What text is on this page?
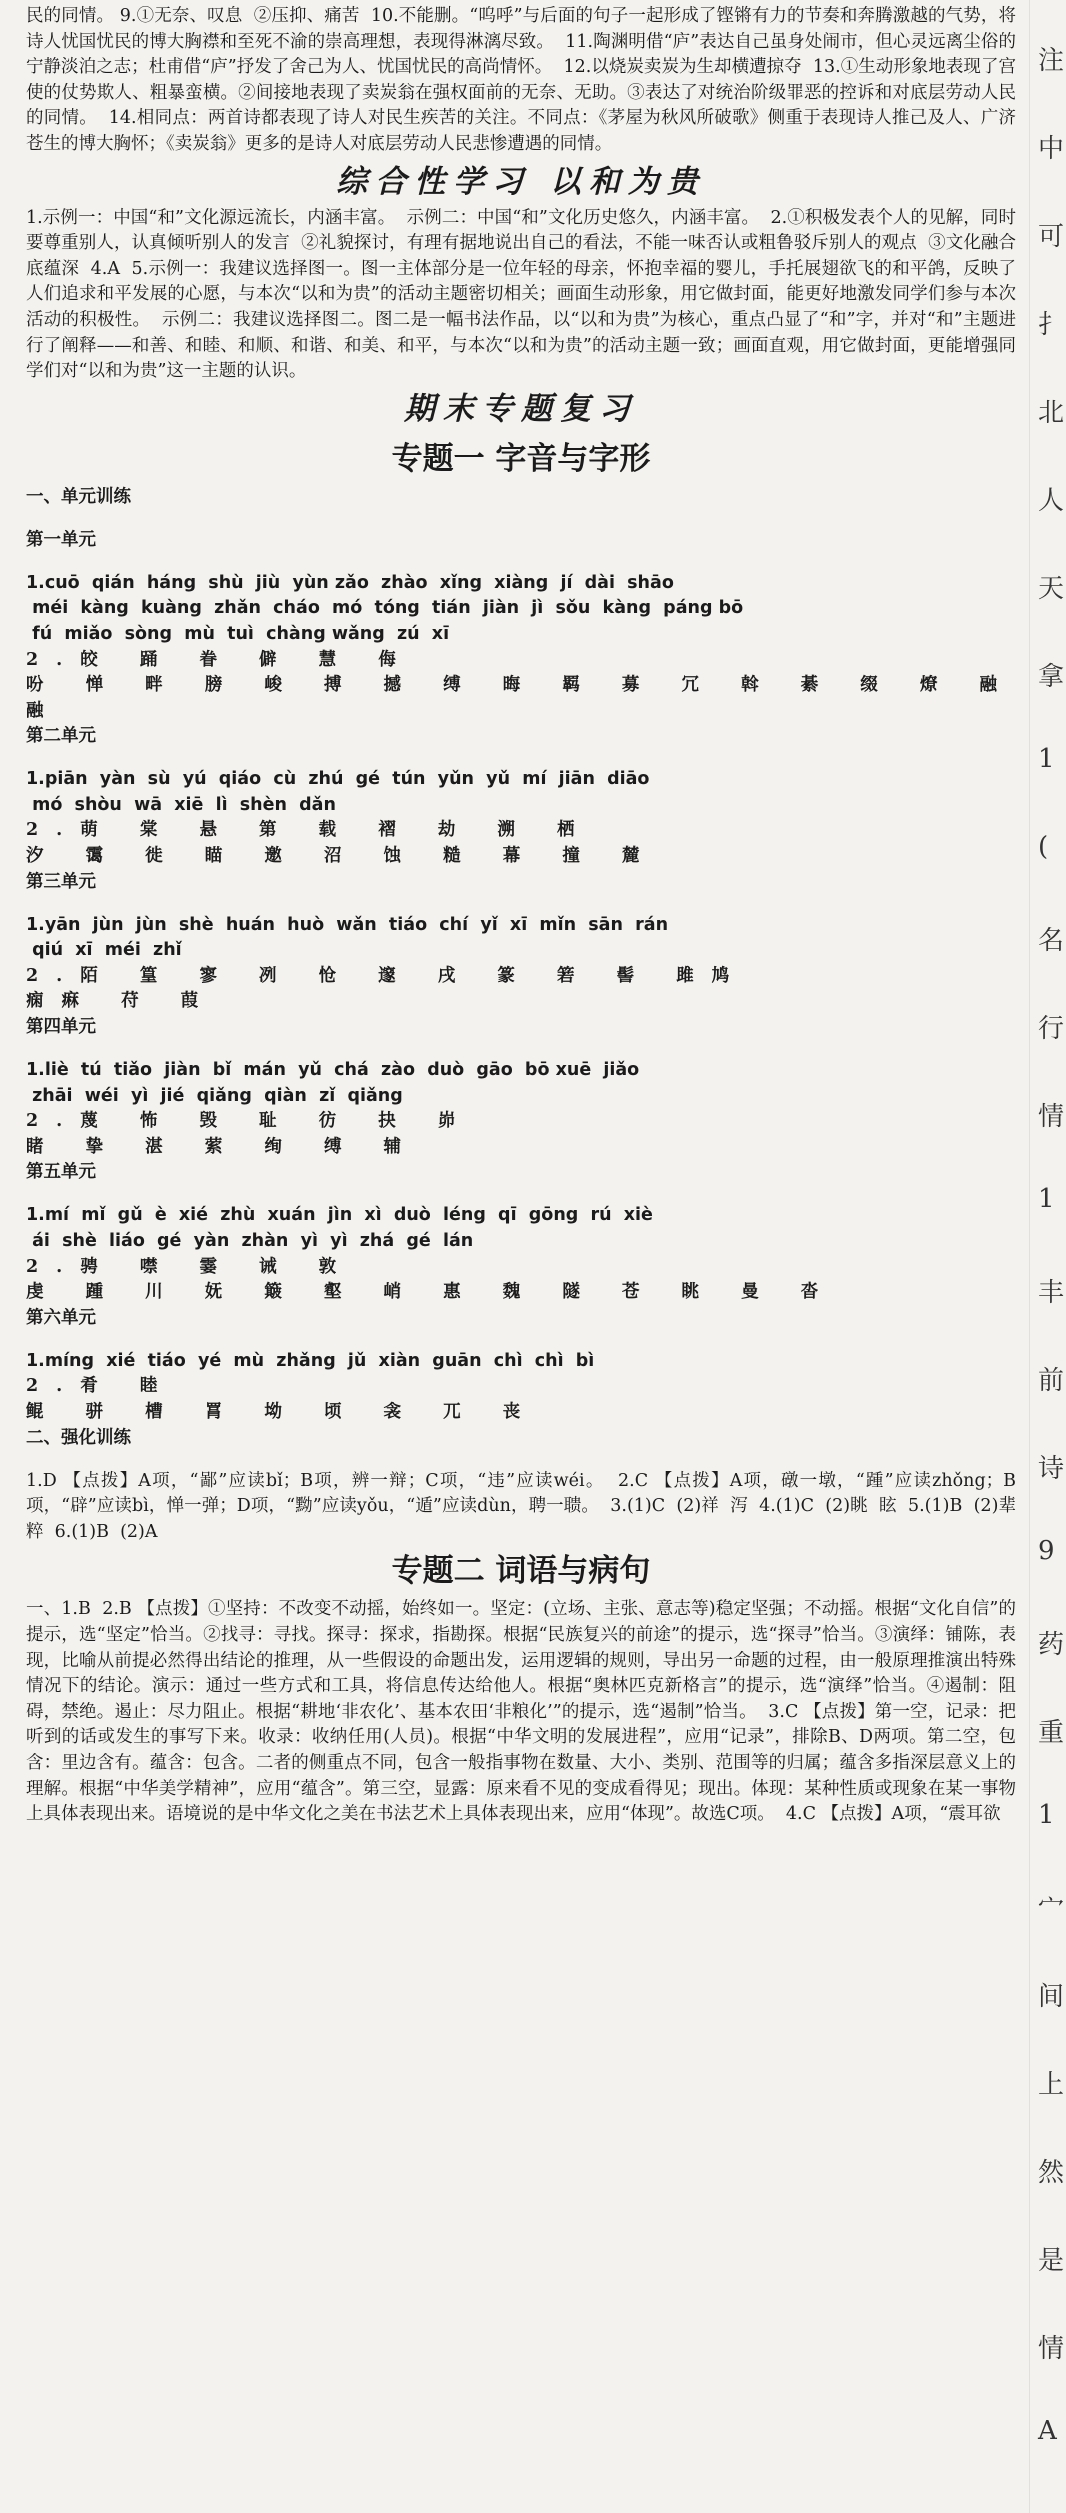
民的同情。 9.①无奈、叹息  ②压抑、痛苦  10.不能删。“呜呼”与后面的句子一起形成了铿锵有力的节奏和奔腾激越的气势，将诗人忧国忧民的博大胸襟和至死不渝的崇高理想，表现得淋漓尽致。  11.陶渊明借“庐”表达自己虽身处闹市，但心灵远离尘俗的宁静淡泊之志；杜甫借“庐”抒发了舍己为人、忧国忧民的高尚情怀。  12.以烧炭卖炭为生却横遭掠夺  13.①生动形象地表现了宫使的仗势欺人、粗暴蛮横。②间接地表现了卖炭翁在强权面前的无奈、无助。③表达了对统治阶级罪恶的控诉和对底层劳动人民的同情。  14.相同点：两首诗都表现了诗人对民生疾苦的关注。不同点：《茅屋为秋风所破歌》侧重于表现诗人推己及人、广济苍生的博大胸怀；《卖炭翁》更多的是诗人对底层劳动人民悲惨遭遇的同情。

综合性学习 以和为贵

1.示例一：中国“和”文化源远流长，内涵丰富。  示例二：中国“和”文化历史悠久，内涵丰富。  2.①积极发表个人的见解，同时要尊重别人，认真倾听别人的发言  ②礼貌探讨，有理有据地说出自己的看法，不能一味否认或粗鲁驳斥别人的观点  ③文化融合  底蕴深  4.A  5.示例一：我建议选择图一。图一主体部分是一位年轻的母亲，怀抱幸福的婴儿，手托展翅欲飞的和平鸽，反映了人们追求和平发展的心愿，与本次“以和为贵”的活动主题密切相关；画面生动形象，用它做封面，能更好地激发同学们参与本次活动的积极性。  示例二：我建议选择图二。图二是一幅书法作品，以“以和为贵”为核心，重点凸显了“和”字，并对“和”主题进行了阐释——和善、和睦、和顺、和谐、和美、和平，与本次“以和为贵”的活动主题一致；画面直观，用它做封面，更能增强同学们对“以和为贵”这一主题的认识。

期末专题复习
专题一 字音与字形
一、单元训练
第一单元

1.cuō  qián  háng  shù  jiù  yùn zǎo  zhào  xǐng  xiàng  jí  dài  shāo
méi  kàng  kuàng  zhǎn  cháo  mó  tóng  tián  jiàn  jì  sǒu  kàng  páng bō
fú  miǎo  sòng  mù  tuì  chàng wǎng  zú  xī

2.皎 踊 眷 僻 慧 侮
吩 惮 畔 膀 峻 搏 撼 缚 晦 羁 募 冗 斡 綦 缀 燎 融融

第二单元

1.piān  yàn  sù  yú  qiáo  cù  zhú  gé  tún  yǔn  yǔ  mí  jiān  diāo
mó  shòu  wā  xiē  lì  shèn  dǎn

2.萌 棠 悬 第 载 褶 劫 溯 栖
汐 霭 徙 瞄 邀 沼 蚀 糙 幕 撞 麓

第三单元

1.yān  jùn  jùn  shè  huán  huò  wǎn  tiáo  chí  yǐ  xī  mǐn  sān  rán
qiú  xī  méi  zhǐ

2.陌 篁 寥 冽 怆 邃 戌 篆 箬 髻 雎鸠
痫痳 苻 葭

第四单元

1.liè  tú  tiǎo  jiàn  bǐ  mán  yǔ  chá  zào  duò  gāo  bō xuē  jiǎo
zhāi  wéi  yì  jié  qiǎng  qiàn  zǐ  qiǎng

2.蔑 怖 毁 耻 彷 抉 峁
睹 挚 湛 萦 绚 缚 辅

第五单元

1.mí  mǐ  gǔ  è  xié  zhù  xuán  jìn  xì  duò  léng  qī  gōng  rú  xiè
ái  shè  liáo  gé  yàn  zhàn  yì  yì  zhá  gé  lán

2.骋 噤 霎 诫 敦
虔 踵 川 妩 簸 壑 峭 惠 魏 隧 苍 眺 曼 沓

第六单元

1.míng  xié  tiáo  yé  mù  zhǎng  jǔ  xiàn  guān  chì  chì  bì

2.肴 睦
鲲 骈 槽 罥 坳 顷 衾 兀 丧

二、强化训练

1.D 【点拨】A项，“鄙”应读bǐ；B项，辨一辩；C项，“违”应读wéi。  2.C 【点拨】A项，礅一墩，“踵”应读zhǒng；B项，“辟”应读bì，惮一弹；D项，“黝”应读yǒu，“遁”应读dùn，聘一聩。  3.(1)C  (2)祥  泻  4.(1)C  (2)眺  眩  5.(1)B  (2)辈  粹  6.(1)B  (2)A

专题二 词语与病句

一、1.B  2.B 【点拨】①坚持：不改变不动摇，始终如一。坚定：(立场、主张、意志等)稳定坚强；不动摇。根据“文化自信”的提示，选“坚定”恰当。②找寻：寻找。探寻：探求，指勘探。根据“民族复兴的前途”的提示，选“探寻”恰当。③演绎：铺陈，表现，比喻从前提必然得出结论的推理，从一些假设的命题出发，运用逻辑的规则，导出另一命题的过程，由一般原理推演出特殊情况下的结论。演示：通过一些方式和工具，将信息传达给他人。根据“奥林匹克新格言”的提示，选“演绎”恰当。④遏制：阻碍，禁绝。遏止：尽力阻止。根据“耕地‘非农化’、基本农田‘非粮化’”的提示，选“遏制”恰当。  3.C 【点拨】第一空，记录：把听到的话或发生的事写下来。收录：收纳任用(人员)。根据“中华文明的发展进程”，应用“记录”，排除B、D两项。第二空，包含：里边含有。蕴含：包含。二者的侧重点不同，包含一般指事物在数量、大小、类别、范围等的归属；蕴含多指深层意义上的理解。根据“中华美学精神”，应用“蕴含”。第三空，显露：原来看不见的变成看得见；现出。体现：某种性质或现象在某一事物上具体表现出来。语境说的是中华文化之美在书法艺术上具体表现出来，应用“体现”。故选C项。  4.C 【点拨】A项，“震耳欲

注
中
可
扌
北
人
天
拿
1
(
名
行
情
1
丰
前
诗
9
药
重
1
宀
间
上
然
是
情
A
